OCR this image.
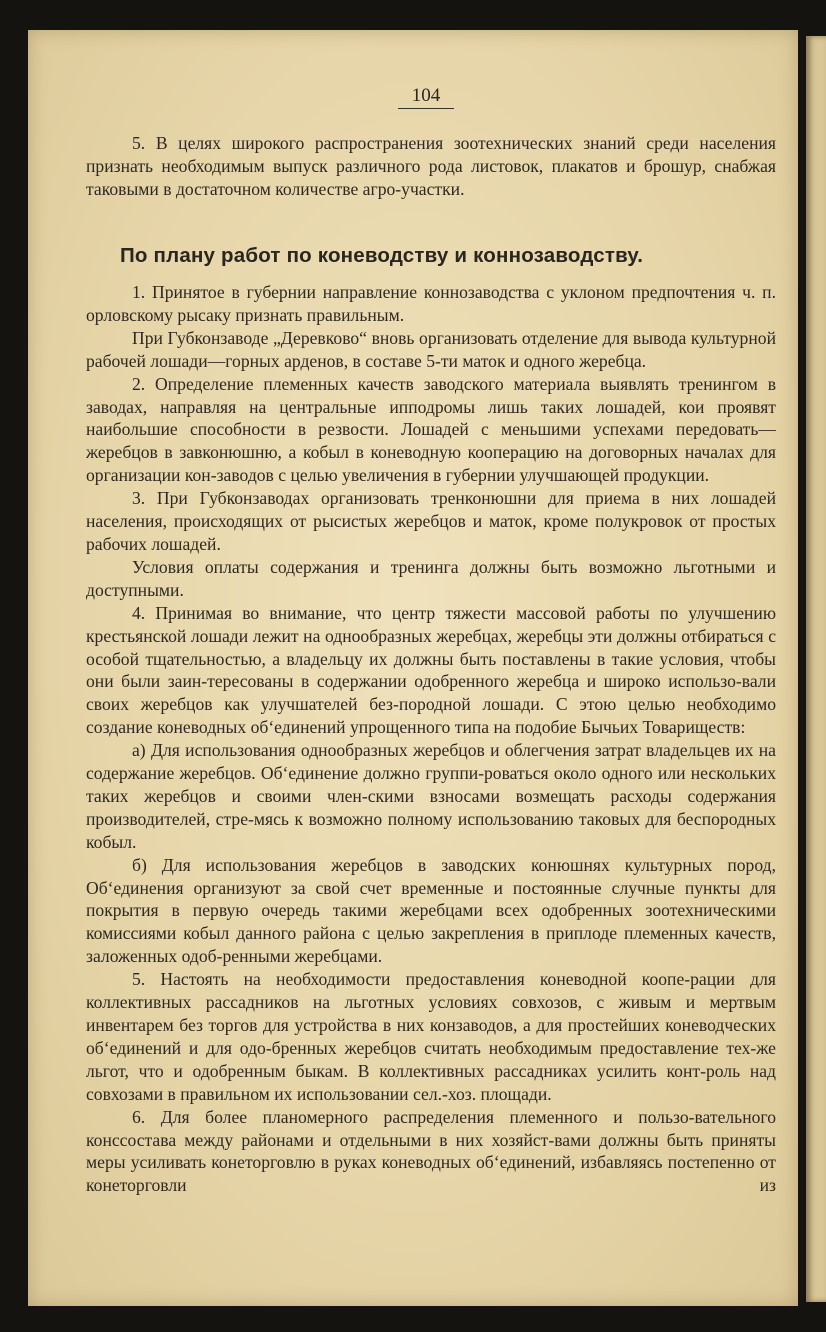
104

5. В целях широкого распространения зоотехнических знаний среди населения признать необходимым выпуск различного рода листовок, плакатов и брошур, снабжая таковыми в достаточном количестве агро-участки.

По плану работ по коневодству и коннозаводству.

1. Принятое в губернии направление коннозаводства с уклоном предпочтения ч. п. орловскому рысаку признать правильным.

При Губконзаводе „Деревково“ вновь организовать отделение для вывода культурной рабочей лошади—горных арденов, в составе 5-ти маток и одного жеребца.

2. Определение племенных качеств заводского материала выявлять тренингом в заводах, направляя на центральные ипподромы лишь таких лошадей, кои проявят наибольшие способности в резвости. Лошадей с меньшими успехами передовать—жеребцов в завконюшню, а кобыл в коневодную кооперацию на договорных началах для организации кон-заводов с целью увеличения в губернии улучшающей продукции.

3. При Губконзаводах организовать тренконюшни для приема в них лошадей населения, происходящих от рысистых жеребцов и маток, кроме полукровок от простых рабочих лошадей.

Условия оплаты содержания и тренинга должны быть возможно льготными и доступными.

4. Принимая во внимание, что центр тяжести массовой работы по улучшению крестьянской лошади лежит на однообразных жеребцах, жеребцы эти должны отбираться с особой тщательностью, а владельцу их должны быть поставлены в такие условия, чтобы они были заин-тересованы в содержании одобренного жеребца и широко использо-вали своих жеребцов как улучшателей без-породной лошади. С этою целью необходимо создание коневодных об‘единений упрощенного типа на подобие Бычьих Товариществ:

а) Для использования однообразных жеребцов и облегчения затрат владельцев их на содержание жеребцов. Об‘единение должно группи-роваться около одного или нескольких таких жеребцов и своими член-скими взносами возмещать расходы содержания производителей, стре-мясь к возможно полному использованию таковых для беспородных кобыл.

б) Для использования жеребцов в заводских конюшнях культурных пород, Об‘единения организуют за свой счет временные и постоянные случные пункты для покрытия в первую очередь такими жеребцами всех одобренных зоотехническими комиссиями кобыл данного района с целью закрепления в приплоде племенных качеств, заложенных одоб-ренными жеребцами.

5. Настоять на необходимости предоставления коневодной коопе-рации для коллективных рассадников на льготных условиях совхозов, с живым и мертвым инвентарем без торгов для устройства в них конзаводов, а для простейших коневодческих об‘единений и для одо-бренных жеребцов считать необходимым предоставление тех-же льгот, что и одобренным быкам. В коллективных рассадниках усилить конт-роль над совхозами в правильном их использовании сел.-хоз. площади.

6. Для более планомерного распределения племенного и пользо-вательного конссостава между районами и отдельными в них хозяйст-вами должны быть приняты меры усиливать конеторговлю в руках коневодных об‘единений, избавляясь постепенно от конеторговли из
